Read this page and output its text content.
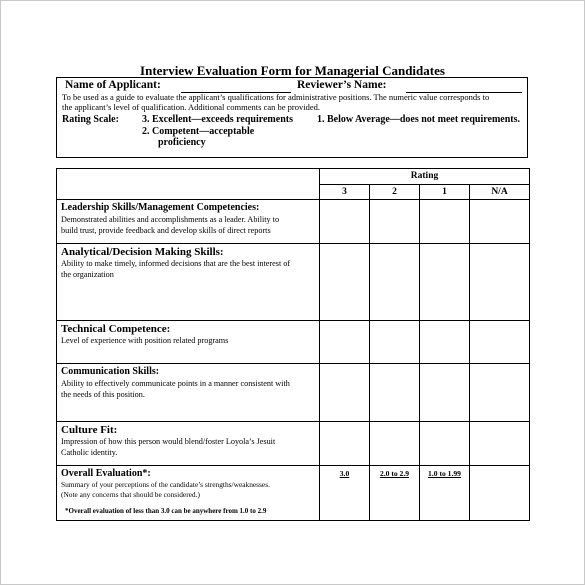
Interview Evaluation Form for Managerial Candidates
Name of Applicant:	Reviewer’s Name:
To be used as a guide to evaluate the applicant’s qualifications for administrative positions. The numeric value corresponds to
the applicant’s level of qualification. Additional comments can be provided.
Rating Scale: 3. Excellent—exceeds requirements
2. Competent—acceptable
proficiency
1. Below Average—does not meet requirements.
	Rating			
	3	2	1	N/A

Leadership Skills/Management Competencies:
Demonstrated abilities and accomplishments as a leader. Ability to
build trust, provide feedback and develop skills of direct reports				

Analytical/Decision Making Skills:
Ability to make timely, informed decisions that are the best interest of
the organization				

Technical Competence:
Level of experience with position related programs				

Communication Skills:
Ability to effectively communicate points in a manner consistent with
the needs of this position.				

Culture Fit:
Impression of how this person would blend/foster Loyola’s Jesuit
Catholic identity.				

Overall Evaluation*:
Summary of your perceptions of the candidate’s strengths/weaknesses.
(Note any concerns that should be considered.)
*Overall evaluation of less than 3.0 can be anywhere from 1.0 to 2.9	3.0	2.0 to 2.9	1.0 to 1.99	
